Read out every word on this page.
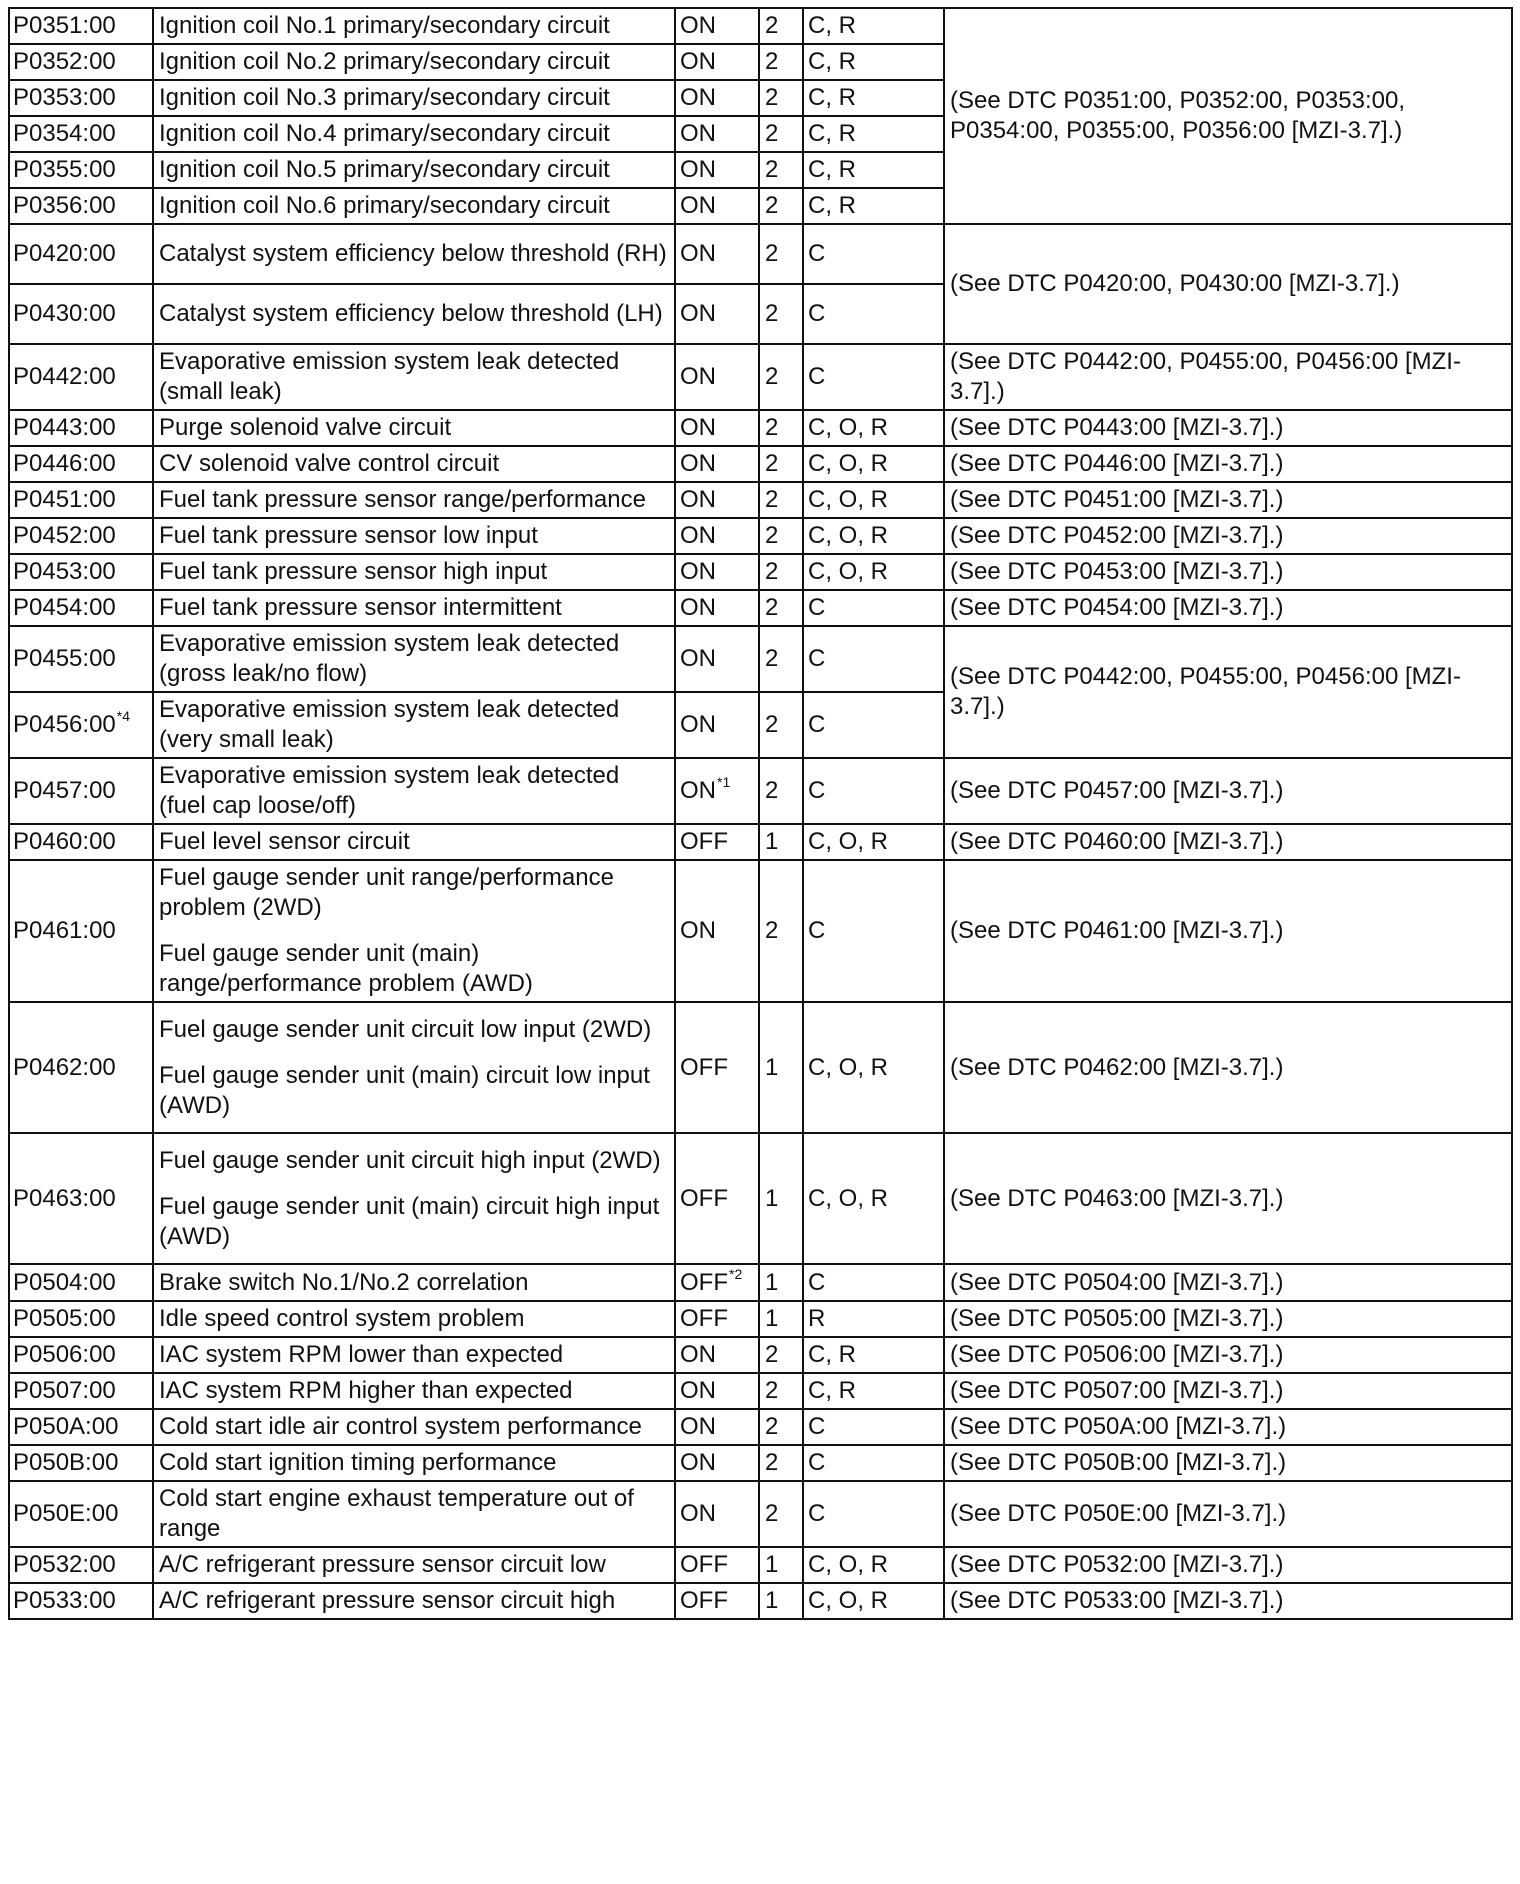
P0351:00	Ignition coil No.1 primary/secondary circuit	ON	2	C, R	(See DTC P0351:00, P0352:00, P0353:00, P0354:00, P0355:00, P0356:00 [MZI-3.7].)
P0352:00	Ignition coil No.2 primary/secondary circuit	ON	2	C, R	
P0353:00	Ignition coil No.3 primary/secondary circuit	ON	2	C, R	
P0354:00	Ignition coil No.4 primary/secondary circuit	ON	2	C, R	
P0355:00	Ignition coil No.5 primary/secondary circuit	ON	2	C, R	
P0356:00	Ignition coil No.6 primary/secondary circuit	ON	2	C, R	
P0420:00	Catalyst system efficiency below threshold (RH)	ON	2	C	(See DTC P0420:00, P0430:00 [MZI-3.7].)
P0430:00	Catalyst system efficiency below threshold (LH)	ON	2	C	
P0442:00	Evaporative emission system leak detected (small leak)	ON	2	C	(See DTC P0442:00, P0455:00, P0456:00 [MZI-3.7].)
P0443:00	Purge solenoid valve circuit	ON	2	C, O, R	(See DTC P0443:00 [MZI-3.7].)
P0446:00	CV solenoid valve control circuit	ON	2	C, O, R	(See DTC P0446:00 [MZI-3.7].)
P0451:00	Fuel tank pressure sensor range/performance	ON	2	C, O, R	(See DTC P0451:00 [MZI-3.7].)
P0452:00	Fuel tank pressure sensor low input	ON	2	C, O, R	(See DTC P0452:00 [MZI-3.7].)
P0453:00	Fuel tank pressure sensor high input	ON	2	C, O, R	(See DTC P0453:00 [MZI-3.7].)
P0454:00	Fuel tank pressure sensor intermittent	ON	2	C	(See DTC P0454:00 [MZI-3.7].)
P0455:00	Evaporative emission system leak detected (gross leak/no flow)	ON	2	C	(See DTC P0442:00, P0455:00, P0456:00 [MZI-3.7].)
P0456:00$^{*4}$	Evaporative emission system leak detected (very small leak)	ON	2	C	
P0457:00	Evaporative emission system leak detected (fuel cap loose/off)	ON$^{*1}$	2	C	(See DTC P0457:00 [MZI-3.7].)
P0460:00	Fuel level sensor circuit	OFF	1	C, O, R	(See DTC P0460:00 [MZI-3.7].)
P0461:00	Fuel gauge sender unit range/performance problem (2WD)
Fuel gauge sender unit (main) range/performance problem (AWD)	ON	2	C	(See DTC P0461:00 [MZI-3.7].)
P0462:00	Fuel gauge sender unit circuit low input (2WD)
Fuel gauge sender unit (main) circuit low input (AWD)	OFF	1	C, O, R	(See DTC P0462:00 [MZI-3.7].)
P0463:00	Fuel gauge sender unit circuit high input (2WD)
Fuel gauge sender unit (main) circuit high input (AWD)	OFF	1	C, O, R	(See DTC P0463:00 [MZI-3.7].)
P0504:00	Brake switch No.1/No.2 correlation	OFF$^{*2}$	1	C	(See DTC P0504:00 [MZI-3.7].)
P0505:00	Idle speed control system problem	OFF	1	R	(See DTC P0505:00 [MZI-3.7].)
P0506:00	IAC system RPM lower than expected	ON	2	C, R	(See DTC P0506:00 [MZI-3.7].)
P0507:00	IAC system RPM higher than expected	ON	2	C, R	(See DTC P0507:00 [MZI-3.7].)
P050A:00	Cold start idle air control system performance	ON	2	C	(See DTC P050A:00 [MZI-3.7].)
P050B:00	Cold start ignition timing performance	ON	2	C	(See DTC P050B:00 [MZI-3.7].)
P050E:00	Cold start engine exhaust temperature out of range	ON	2	C	(See DTC P050E:00 [MZI-3.7].)
P0532:00	A/C refrigerant pressure sensor circuit low	OFF	1	C, O, R	(See DTC P0532:00 [MZI-3.7].)
P0533:00	A/C refrigerant pressure sensor circuit high	OFF	1	C, O, R	(See DTC P0533:00 [MZI-3.7].)
